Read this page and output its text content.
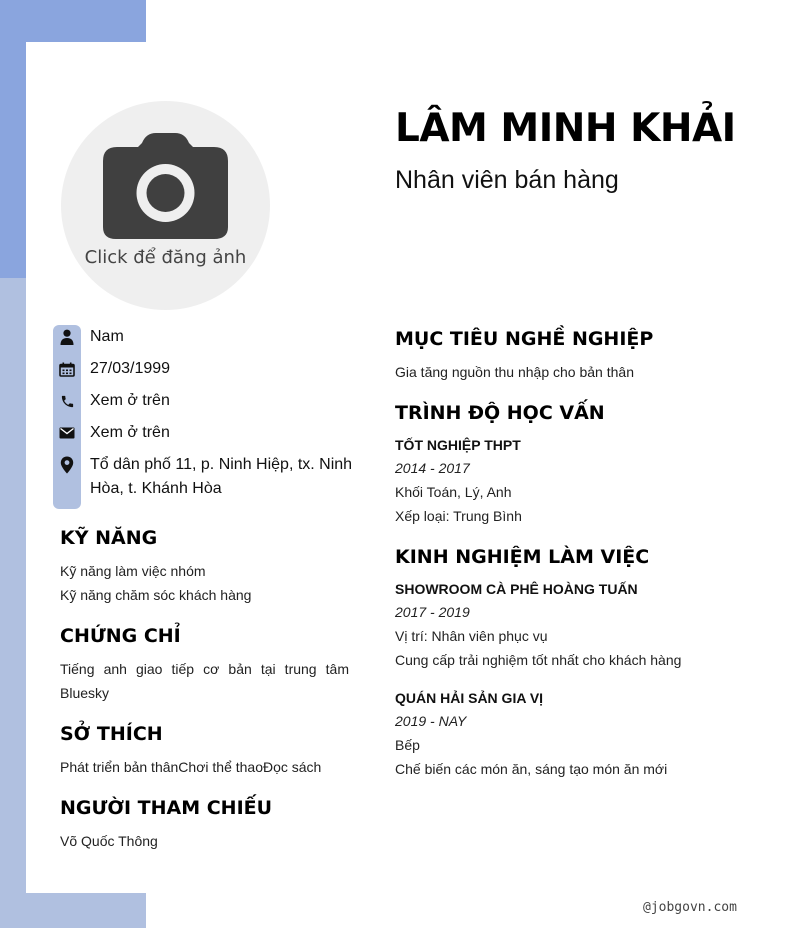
Click để đăng ảnh
LÂM MINH KHẢI
Nhân viên bán hàng
Nam
27/03/1999
Xem ở trên
Xem ở trên
Tổ dân phố 11, p. Ninh Hiệp, tx. Ninh Hòa, t. Khánh Hòa
KỸ NĂNG
Kỹ năng làm việc nhóm
Kỹ năng chăm sóc khách hàng
CHỨNG CHỈ
Tiếng anh giao tiếp cơ bản tại trung tâm Bluesky
SỞ THÍCH
Phát triển bản thânChơi thể thaoĐọc sách
NGƯỜI THAM CHIẾU
Võ Quốc Thông
MỤC TIÊU NGHỀ NGHIỆP
Gia tăng nguồn thu nhập cho bản thân
TRÌNH ĐỘ HỌC VẤN
TỐT NGHIỆP THPT
2014 - 2017
Khối Toán, Lý, Anh
Xếp loại: Trung Bình
KINH NGHIỆM LÀM VIỆC
SHOWROOM CÀ PHÊ HOÀNG TUẤN
2017 - 2019
Vị trí: Nhân viên phục vụ
Cung cấp trải nghiệm tốt nhất cho khách hàng
QUÁN HẢI SẢN GIA VỊ
2019 - NAY
Bếp
Chế biến các món ăn, sáng tạo món ăn mới
@jobgovn.com
